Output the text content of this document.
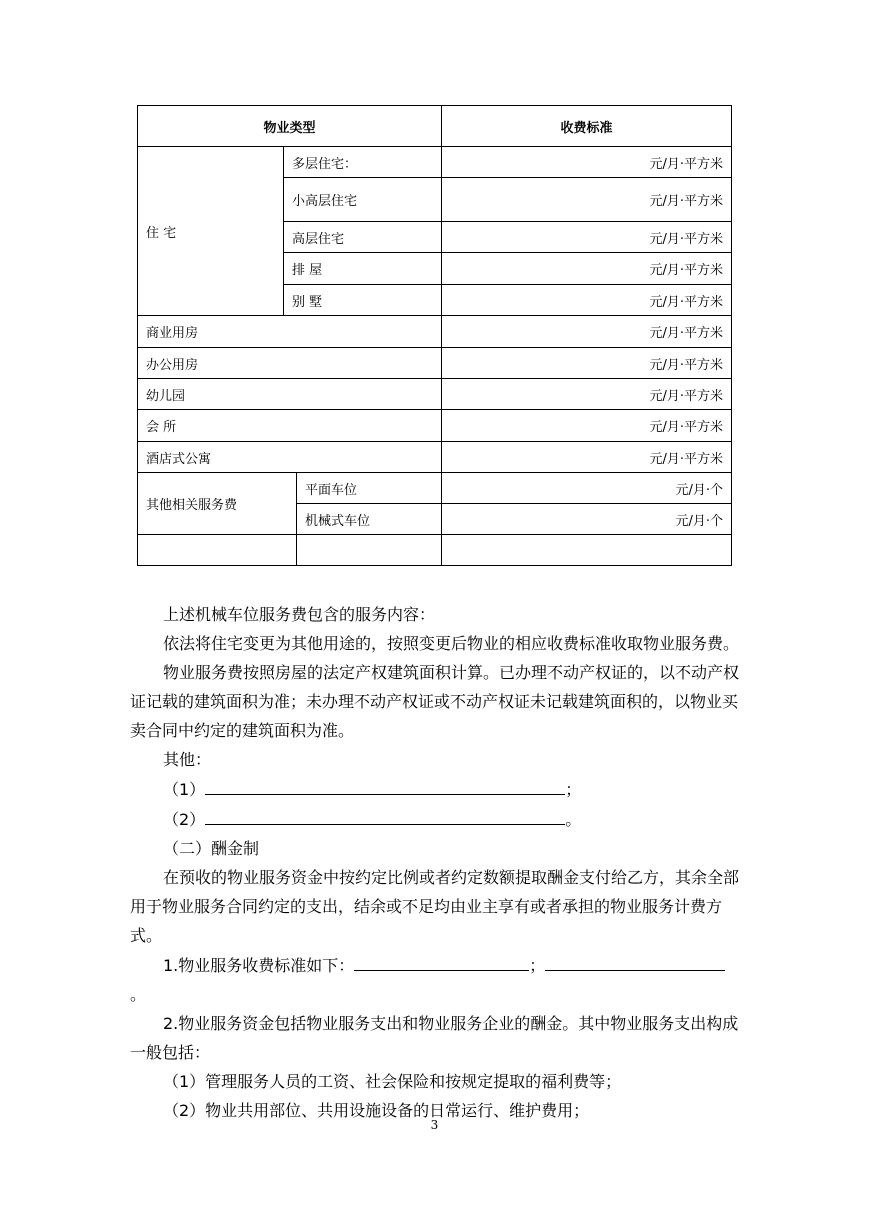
物业类型			收费标准
住 宅	多层住宅：		元/月·平方米
	小高层住宅		元/月·平方米
	高层住宅		元/月·平方米
	排 屋		元/月·平方米
	别 墅		元/月·平方米
商业用房			元/月·平方米
办公用房			元/月·平方米
幼儿园			元/月·平方米
会 所			元/月·平方米
酒店式公寓			元/月·平方米
其他相关服务费		平面车位	元/月·个
		机械式车位	元/月·个

上述机械车位服务费包含的服务内容：

依法将住宅变更为其他用途的，按照变更后物业的相应收费标准收取物业服务费。

物业服务费按照房屋的法定产权建筑面积计算。已办理不动产权证的，以不动产权证记载的建筑面积为准；未办理不动产权证或不动产权证未记载建筑面积的，以物业买卖合同中约定的建筑面积为准。

其他：

（1）	；

（2）	。

（二）酬金制

在预收的物业服务资金中按约定比例或者约定数额提取酬金支付给乙方，其余全部用于物业服务合同约定的支出，结余或不足均由业主享有或者承担的物业服务计费方式。

1.物业服务收费标准如下：	；。

2.物业服务资金包括物业服务支出和物业服务企业的酬金。其中物业服务支出构成一般包括：

（1）管理服务人员的工资、社会保险和按规定提取的福利费等；

（2）物业共用部位、共用设施设备的日常运行、维护费用；

3
